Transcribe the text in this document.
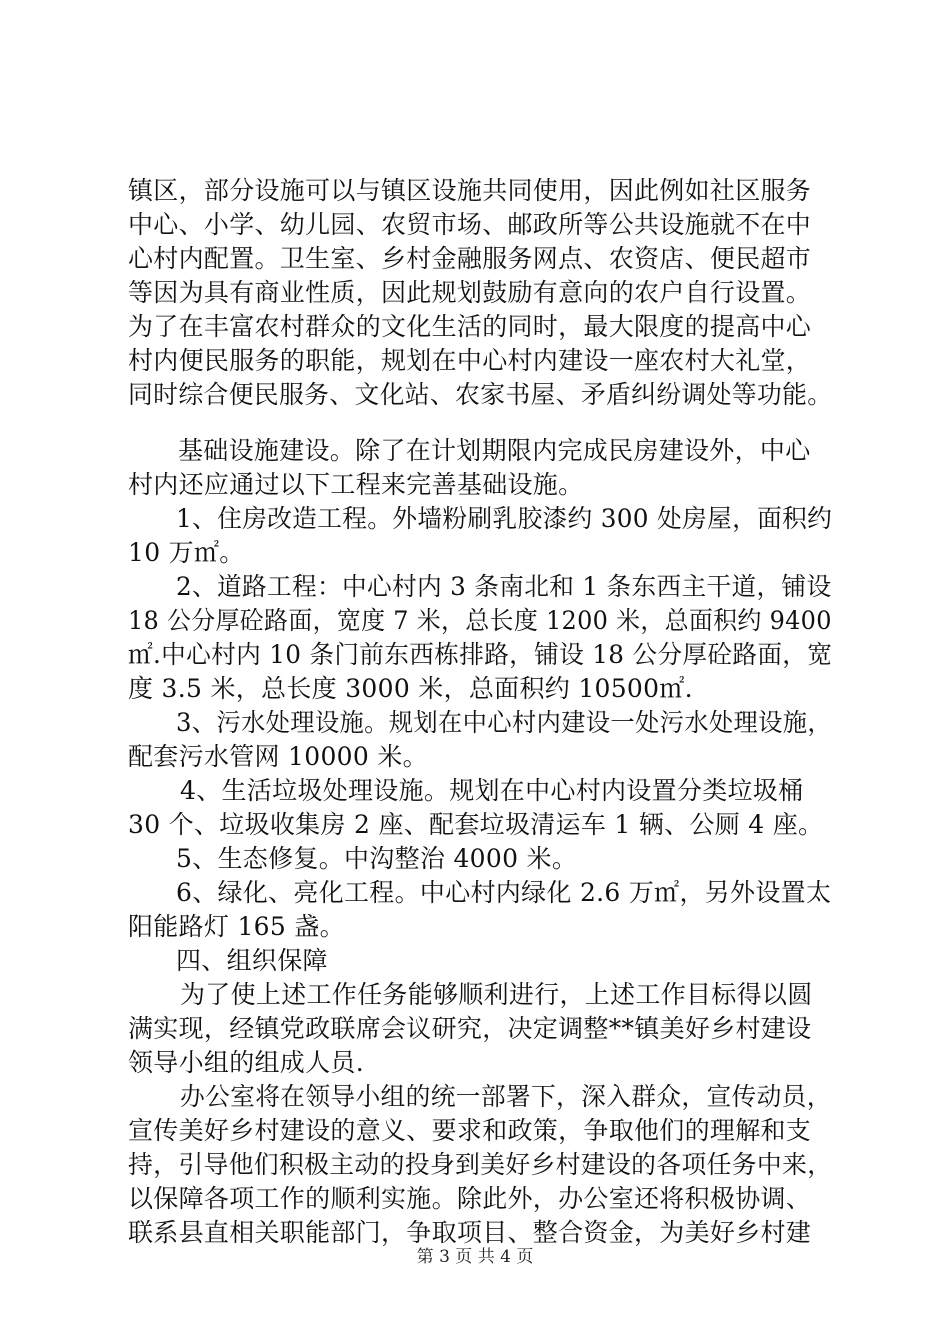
镇区，部分设施可以与镇区设施共同使用，因此例如社区服务
中心、小学、幼儿园、农贸市场、邮政所等公共设施就不在中
心村内配置。卫生室、乡村金融服务网点、农资店、便民超市
等因为具有商业性质，因此规划鼓励有意向的农户自行设置。
为了在丰富农村群众的文化生活的同时，最大限度的提高中心
村内便民服务的职能，规划在中心村内建设一座农村大礼堂，
同时综合便民服务、文化站、农家书屋、矛盾纠纷调处等功能。
基础设施建设。除了在计划期限内完成民房建设外，中心
村内还应通过以下工程来完善基础设施。
1、住房改造工程。外墙粉刷乳胶漆约 300 处房屋，面积约
10 万㎡。
2、道路工程：中心村内 3 条南北和 1 条东西主干道，铺设
18 公分厚砼路面，宽度 7 米，总长度 1200 米，总面积约 9400
㎡.中心村内 10 条门前东西栋排路，铺设 18 公分厚砼路面，宽
度 3.5 米，总长度 3000 米，总面积约 10500㎡.
3、污水处理设施。规划在中心村内建设一处污水处理设施，
配套污水管网 10000 米。
4、生活垃圾处理设施。规划在中心村内设置分类垃圾桶
30 个、垃圾收集房 2 座、配套垃圾清运车 1 辆、公厕 4 座。
5、生态修复。中沟整治 4000 米。
6、绿化、亮化工程。中心村内绿化 2.6 万㎡，另外设置太
阳能路灯 165 盏。
四、组织保障
为了使上述工作任务能够顺利进行，上述工作目标得以圆
满实现，经镇党政联席会议研究，决定调整**镇美好乡村建设
领导小组的组成人员.
办公室将在领导小组的统一部署下，深入群众，宣传动员，
宣传美好乡村建设的意义、要求和政策，争取他们的理解和支
持，引导他们积极主动的投身到美好乡村建设的各项任务中来，
以保障各项工作的顺利实施。除此外，办公室还将积极协调、
联系县直相关职能部门，争取项目、整合资金，为美好乡村建
第 3 页 共 4 页
